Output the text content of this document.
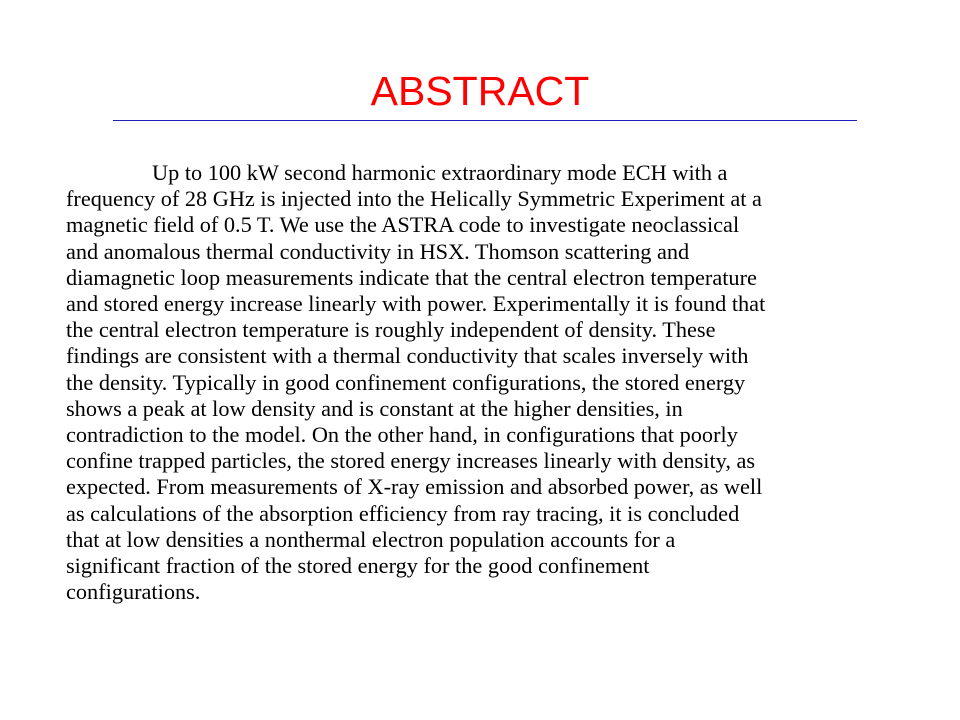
ABSTRACT
Up to 100 kW second harmonic extraordinary mode ECH with a
frequency of 28 GHz is injected into the Helically Symmetric Experiment at a
magnetic field of 0.5 T. We use the ASTRA code to investigate neoclassical
and anomalous thermal conductivity in HSX. Thomson scattering and
diamagnetic loop measurements indicate that the central electron temperature
and stored energy increase linearly with power. Experimentally it is found that
the central electron temperature is roughly independent of density. These
findings are consistent with a thermal conductivity that scales inversely with
the density. Typically in good confinement configurations, the stored energy
shows a peak at low density and is constant at the higher densities, in
contradiction to the model. On the other hand, in configurations that poorly
confine trapped particles, the stored energy increases linearly with density, as
expected. From measurements of X-ray emission and absorbed power, as well
as calculations of the absorption efficiency from ray tracing, it is concluded
that at low densities a nonthermal electron population accounts for a
significant fraction of the stored energy for the good confinement
configurations.
